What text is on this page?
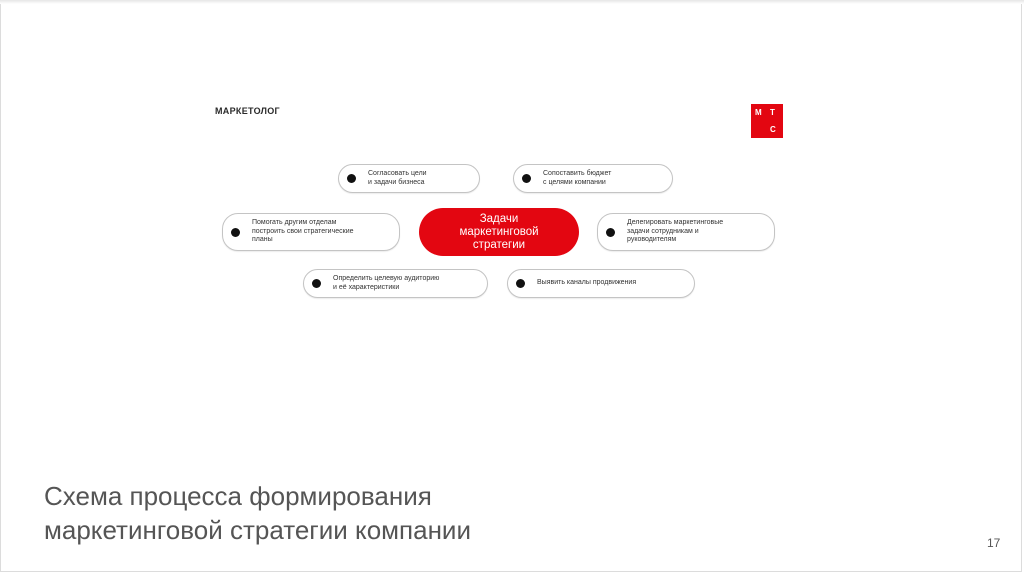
МАРКЕТОЛОГ	М Т
С
Согласовать цели
и задачи бизнеса
Сопоставить бюджет
с целями компании
Помогать другим отделам
построить свои стратегические
планы
Задачи
маркетинговой
стратегии
Делегировать маркетинговые
задачи сотрудникам и
руководителям
Определить целевую аудиторию
и её характеристики
Выявить каналы продвижения
Схема процесса формирования
маркетинговой стратегии компании	17
